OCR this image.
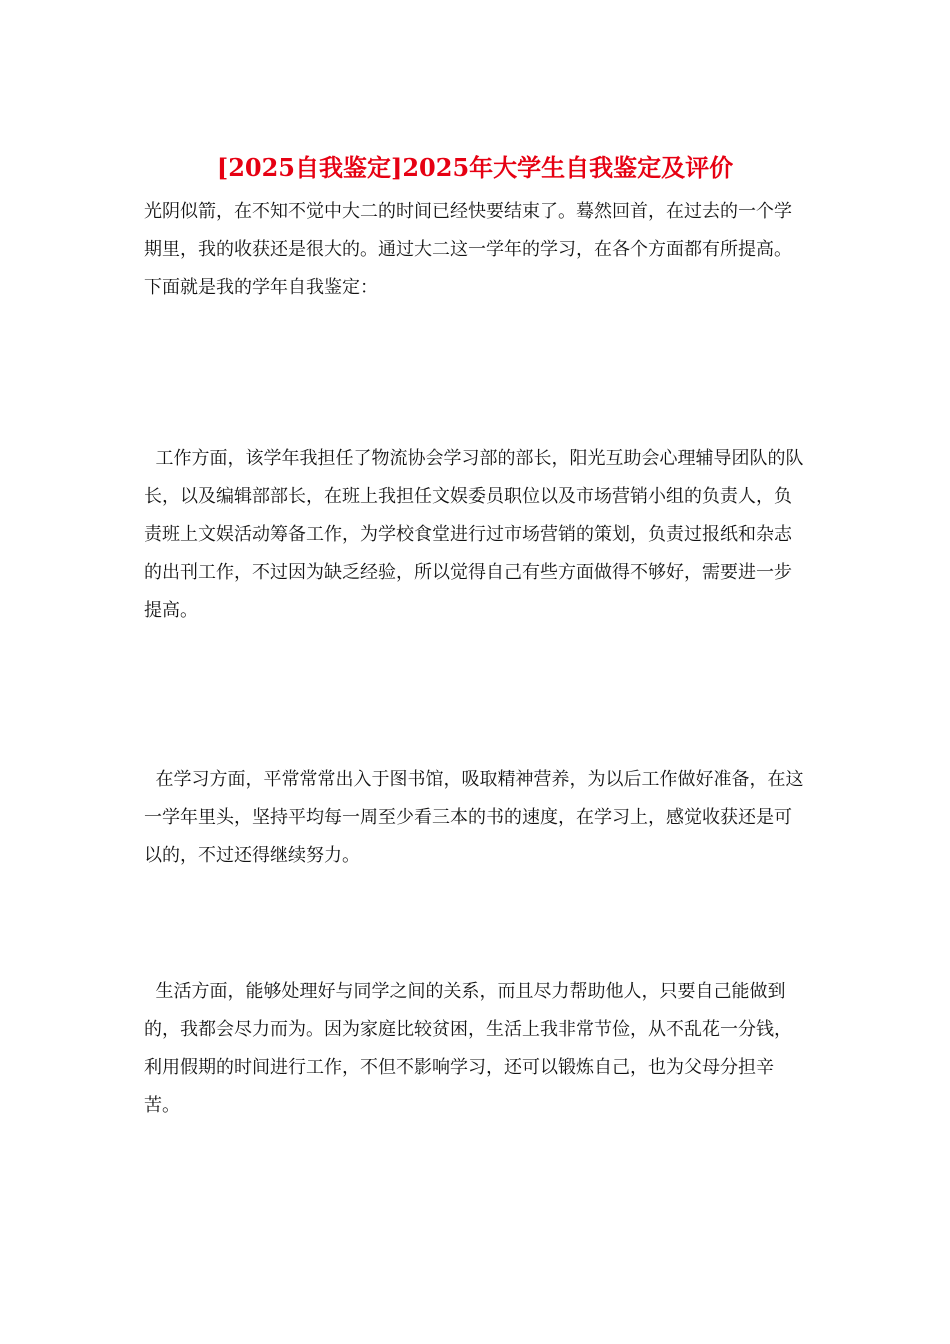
[2025自我鉴定]2025年大学生自我鉴定及评价

光阴似箭，在不知不觉中大二的时间已经快要结束了。蓦然回首，在过去的一个学期里，我的收获还是很大的。通过大二这一学年的学习，在各个方面都有所提高。下面就是我的学年自我鉴定：

工作方面，该学年我担任了物流协会学习部的部长，阳光互助会心理辅导团队的队长，以及编辑部部长，在班上我担任文娱委员职位以及市场营销小组的负责人，负责班上文娱活动筹备工作，为学校食堂进行过市场营销的策划，负责过报纸和杂志的出刊工作，不过因为缺乏经验，所以觉得自己有些方面做得不够好，需要进一步提高。

在学习方面，平常常常出入于图书馆，吸取精神营养，为以后工作做好准备，在这一学年里头，坚持平均每一周至少看三本的书的速度，在学习上，感觉收获还是可以的，不过还得继续努力。

生活方面，能够处理好与同学之间的关系，而且尽力帮助他人，只要自己能做到的，我都会尽力而为。因为家庭比较贫困，生活上我非常节俭，从不乱花一分钱，利用假期的时间进行工作，不但不影响学习，还可以锻炼自己，也为父母分担辛苦。
